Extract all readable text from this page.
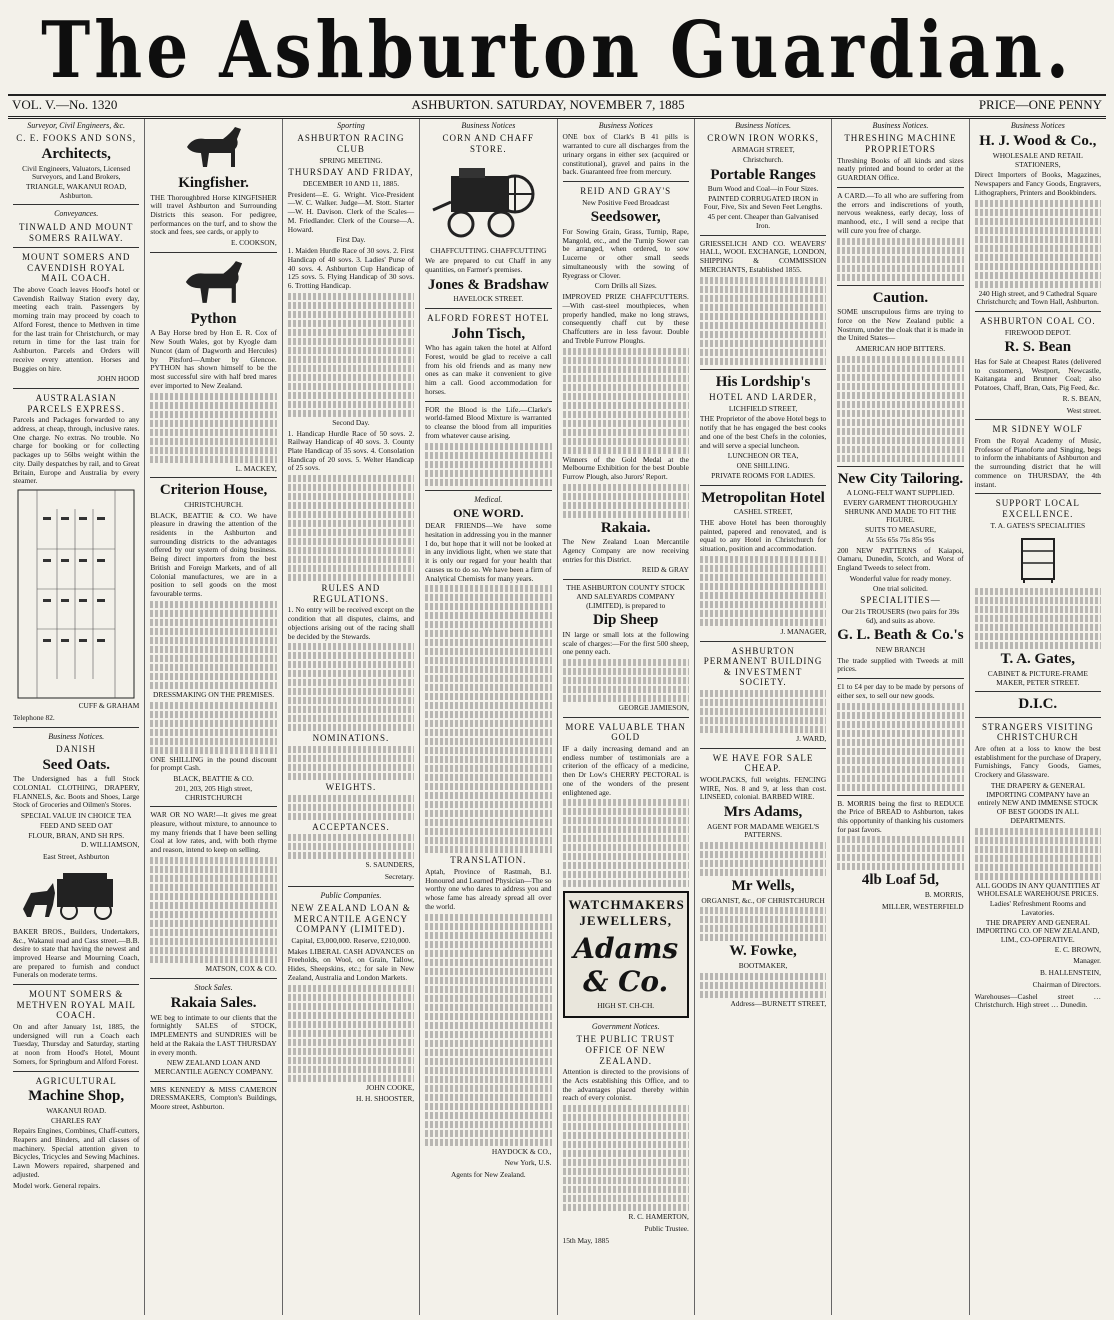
The Ashburton Guardian.
VOL. V.—No. 1320	ASHBURTON. SATURDAY, NOVEMBER 7, 1885	PRICE—ONE PENNY
Surveyor, Civil Engineers, &c.
C. E. FOOKS AND SONS,
Architects,
Civil Engineers, Valuators, Licensed Surveyors, and Land Brokers,
TRIANGLE, WAKANUI ROAD, Ashburton.
Conveyances.
TINWALD AND MOUNT SOMERS RAILWAY.
MOUNT SOMERS AND CAVENDISH ROYAL MAIL COACH.
The above Coach leaves Hood's hotel or Cavendish Railway Station every day, meeting each train. Passengers by morning train may proceed by coach to Alford Forest, thence to Methven in time for the last train for Christchurch, or may return in time for the last train for Ashburton. Parcels and Orders will receive every attention. Horses and Buggies on hire.
JOHN HOOD
AUSTRALASIAN PARCELS EXPRESS.
Parcels and Packages forwarded to any address, at cheap, through, inclusive rates. One charge. No extras. No trouble. No charge for booking or for collecting packages up to 56lbs weight within the city. Daily despatches by rail, and to Great Britain, Europe and Australia by every steamer.
CUFF & GRAHAM
Telephone 82.
Business Notices.
DANISH
Seed Oats.
The Undersigned has a full Stock COLONIAL CLOTHING, DRAPERY, FLANNELS, &c. Boots and Shoes, Large Stock of Groceries and Oilmen's Stores.
SPECIAL VALUE IN CHOICE TEA
FEED AND SEED OAT
FLOUR, BRAN, AND SH RPS.
D. WILLIAMSON,
East Street, Ashburton
BAKER BROS., Builders, Undertakers, &c., Wakanui road and Cass street.—B.B. desire to state that having the newest and improved Hearse and Mourning Coach, are prepared to furnish and conduct Funerals on moderate terms.
MOUNT SOMERS & METHVEN ROYAL MAIL COACH.
On and after January 1st, 1885, the undersigned will run a Coach each Tuesday, Thursday and Saturday, starting at noon from Hood's Hotel, Mount Somers, for Springburn and Alford Forest.
AGRICULTURAL
Machine Shop,
WAKANUI ROAD.
CHARLES RAY
Repairs Engines, Combines, Chaff-cutters, Reapers and Binders, and all classes of machinery. Special attention given to Bicycles, Tricycles and Sewing Machines. Lawn Mowers repaired, sharpened and adjusted.
Model work. General repairs.
Kingfisher.
THE Thoroughbred Horse KINGFISHER will travel Ashburton and Surrounding Districts this season. For pedigree, performances on the turf, and to show the stock and fees, see cards, or apply to
E. COOKSON,
Python
A Bay Horse bred by Hon E. R. Cox of New South Wales, got by Kyogle dam Nuncot (dam of Dagworth and Hercules) by Pitsford—Amber by Glencoe. PYTHON has shown himself to be the most successful sire with half bred mares ever imported to New Zealand.
L. MACKEY,
Criterion House,
CHRISTCHURCH.
BLACK, BEATTIE & CO. We have pleasure in drawing the attention of the residents in the Ashburton and surrounding districts to the advantages offered by our system of doing business. Being direct importers from the best British and Foreign Markets, and of all Colonial manufactures, we are in a position to sell goods on the most favourable terms.
DRESSMAKING ON THE PREMISES.
ONE SHILLING in the pound discount for prompt Cash.
BLACK, BEATTIE & CO.
201, 203, 205 High street, CHRISTCHURCH
WAR OR NO WAR!—It gives me great pleasure, without mixture, to announce to my many friends that I have been selling Coal at low rates, and, with both rhyme and reason, intend to keep on selling.
MATSON, COX & CO.
Stock Sales.
Rakaia Sales.
WE beg to intimate to our clients that the fortnightly SALES of STOCK, IMPLEMENTS and SUNDRIES will be held at the Rakaia the LAST THURSDAY in every month.
NEW ZEALAND LOAN AND MERCANTILE AGENCY COMPANY.
MRS KENNEDY & MISS CAMERON DRESSMAKERS, Compton's Buildings, Moore street, Ashburton.
Sporting
ASHBURTON RACING CLUB
SPRING MEETING.
THURSDAY AND FRIDAY,
DECEMBER 10 AND 11, 1885.
President—E. G. Wright. Vice-President—W. C. Walker. Judge—M. Stott. Starter—W. H. Davison. Clerk of the Scales—M. Friedlander. Clerk of the Course—A. Howard.
First Day.
1. Maiden Hurdle Race of 30 sovs. 2. First Handicap of 40 sovs. 3. Ladies' Purse of 40 sovs. 4. Ashburton Cup Handicap of 125 sovs. 5. Flying Handicap of 30 sovs. 6. Trotting Handicap.
Second Day.
1. Handicap Hurdle Race of 50 sovs. 2. Railway Handicap of 40 sovs. 3. County Plate Handicap of 35 sovs. 4. Consolation Handicap of 20 sovs. 5. Welter Handicap of 25 sovs.
RULES AND REGULATIONS.
1. No entry will be received except on the condition that all disputes, claims, and objections arising out of the racing shall be decided by the Stewards.
NOMINATIONS.
WEIGHTS.
ACCEPTANCES.
S. SAUNDERS,
Secretary.
Public Companies.
NEW ZEALAND LOAN & MERCANTILE AGENCY COMPANY (LIMITED).
Capital, £3,000,000. Reserve, £210,000.
Makes LIBERAL CASH ADVANCES on Freeholds, on Wool, on Grain, Tallow, Hides, Sheepskins, etc.; for sale in New Zealand, Australia and London Markets.
JOHN COOKE,
H. H. SHOOSTER,
Business Notices
CORN AND CHAFF STORE.
CHAFFCUTTING. CHAFFCUTTING
We are prepared to cut Chaff in any quantities, on Farmer's premises.
Jones & Bradshaw
HAVELOCK STREET.
ALFORD FOREST HOTEL
John Tisch,
Who has again taken the hotel at Alford Forest, would be glad to receive a call from his old friends and as many new ones as can make it convenient to give him a call. Good accommodation for horses.
FOR the Blood is the Life.—Clarke's world-famed Blood Mixture is warranted to cleanse the blood from all impurities from whatever cause arising.
Medical.
ONE WORD.
DEAR FRIENDS—We have some hesitation in addressing you in the manner I do, but hope that it will not be looked at in any invidious light, when we state that it is only our regard for your health that causes us to do so. We have been a firm of Analytical Chemists for many years.
TRANSLATION.
Aptah, Province of Rastmah, B.I. Honoured and Learned Physician—The so worthy one who dares to address you and whose fame has already spread all over the world.
HAYDOCK & CO.,
New York, U.S.
Agents for New Zealand.
Business Notices
ONE box of Clark's B 41 pills is warranted to cure all discharges from the urinary organs in either sex (acquired or constitutional), gravel and pains in the back. Guaranteed free from mercury.
REID AND GRAY'S
New Positive Feed Broadcast
Seedsower,
For Sowing Grain, Grass, Turnip, Rape, Mangold, etc., and the Turnip Sower can be arranged, when ordered, to sow Lucerne or other small seeds simultaneously with the sowing of Ryegrass or Clover.
Corn Drills all Sizes.
IMPROVED PRIZE CHAFFCUTTERS.—With cast-steel mouthpieces, when properly handled, make no long straws, consequently chaff cut by these Chaffcutters are in less favour. Double and Treble Furrow Ploughs.
Winners of the Gold Medal at the Melbourne Exhibition for the best Double Furrow Plough, also Jurors' Report.
Rakaia.
The New Zealand Loan Mercantile Agency Company are now receiving entries for this District.
REID & GRAY
THE ASHBURTON COUNTY STOCK AND SALEYARDS COMPANY (LIMITED), is prepared to
Dip Sheep
IN large or small lots at the following scale of charges:—For the first 500 sheep, one penny each.
GEORGE JAMIESON,
MORE VALUABLE THAN GOLD
IF a daily increasing demand and an endless number of testimonials are a criterion of the efficacy of a medicine, then Dr Low's CHERRY PECTORAL is one of the wonders of the present enlightened age.
WATCHMAKERS
JEWELLERS,
Adams & Co.
HIGH ST. CH-CH.
Government Notices.
THE PUBLIC TRUST OFFICE OF NEW ZEALAND.
Attention is directed to the provisions of the Acts establishing this Office, and to the advantages placed thereby within reach of every colonist.
R. C. HAMERTON,
Public Trustee.
15th May, 1885
Business Notices.
CROWN IRON WORKS,
ARMAGH STREET,
Christchurch.
Portable Ranges
Burn Wood and Coal—in Four Sizes.
PAINTED CORRUGATED IRON in Four, Five, Six and Seven Feet Lengths.
45 per cent. Cheaper than Galvanised Iron.
GRIESSELICH AND CO. WEAVERS' HALL, WOOL EXCHANGE, LONDON, SHIPPING & COMMISSION MERCHANTS, Established 1855.
His Lordship's
HOTEL AND LARDER,
LICHFIELD STREET,
THE Proprietor of the above Hotel begs to notify that he has engaged the best cooks and one of the best Chefs in the colonies, and will serve a special luncheon.
LUNCHEON OR TEA,
ONE SHILLING.
PRIVATE ROOMS FOR LADIES.
Metropolitan Hotel
CASHEL STREET,
THE above Hotel has been thoroughly painted, papered and renovated, and is equal to any Hotel in Christchurch for situation, position and accommodation.
J. MANAGER,
ASHBURTON PERMANENT BUILDING & INVESTMENT SOCIETY.
J. WARD,
WE HAVE FOR SALE CHEAP.
WOOLPACKS, full weights. FENCING WIRE, Nos. 8 and 9, at less than cost. LINSEED, colonial. BARBED WIRE.
Mrs Adams,
AGENT FOR MADAME WEIGEL'S PATTERNS.
Mr Wells,
ORGANIST, &c., OF CHRISTCHURCH
W. Fowke,
BOOTMAKER,
Address—BURNETT STREET,
Business Notices.
THRESHING MACHINE PROPRIETORS
Threshing Books of all kinds and sizes neatly printed and bound to order at the GUARDIAN Office.
A CARD.—To all who are suffering from the errors and indiscretions of youth, nervous weakness, early decay, loss of manhood, etc., I will send a recipe that will cure you free of charge.
Caution.
SOME unscrupulous firms are trying to force on the New Zealand public a Nostrum, under the cloak that it is made in the United States—
AMERICAN HOP BITTERS.
New City Tailoring.
A LONG-FELT WANT SUPPLIED.
EVERY GARMENT THOROUGHLY SHRUNK AND MADE TO FIT THE FIGURE.
SUITS TO MEASURE,
At 55s 65s 75s 85s 95s
200 NEW PATTERNS of Kaiapoi, Oamaru, Dunedin, Scotch, and Worst of England Tweeds to select from.
Wonderful value for ready money.
One trial solicited.
SPECIALITIES—
Our 21s TROUSERS (two pairs for 39s 6d), and suits as above.
G. L. Beath & Co.'s
NEW BRANCH
The trade supplied with Tweeds at mill prices.
£1 to £4 per day to be made by persons of either sex, to sell our new goods.
B. MORRIS being the first to REDUCE the Price of BREAD to Ashburton, takes this opportunity of thanking his customers for past favors.
4lb Loaf 5d,
B. MORRIS,
MILLER, WESTERFIELD
Business Notices
H. J. Wood & Co.,
WHOLESALE AND RETAIL STATIONERS,
Direct Importers of Books, Magazines, Newspapers and Fancy Goods, Engravers, Lithographers, Printers and Bookbinders.
240 High street, and 9 Cathedral Square Christchurch; and Town Hall, Ashburton.
ASHBURTON COAL CO.
FIREWOOD DEPOT.
R. S. Bean
Has for Sale at Cheapest Rates (delivered to customers), Westport, Newcastle, Kaitangata and Brunner Coal; also Potatoes, Chaff, Bran, Oats, Pig Feed, &c.
R. S. BEAN,
West street.
MR SIDNEY WOLF
From the Royal Academy of Music, Professor of Pianoforte and Singing, begs to inform the inhabitants of Ashburton and the surrounding district that he will commence on THURSDAY, the 4th instant.
SUPPORT LOCAL EXCELLENCE.
T. A. GATES'S SPECIALITIES
T. A. Gates,
CABINET & PICTURE-FRAME MAKER, PETER STREET.
D.I.C.
STRANGERS VISITING CHRISTCHURCH
Are often at a loss to know the best establishment for the purchase of Drapery, Furnishings, Fancy Goods, Games, Crockery and Glassware.
THE DRAPERY & GENERAL IMPORTING COMPANY have an entirely NEW AND IMMENSE STOCK OF BEST GOODS IN ALL DEPARTMENTS.
ALL GOODS IN ANY QUANTITIES AT WHOLESALE WAREHOUSE PRICES.
Ladies' Refreshment Rooms and Lavatories.
THE DRAPERY AND GENERAL IMPORTING CO. OF NEW ZEALAND, LIM., CO-OPERATIVE.
E. C. BROWN,
Manager.
B. HALLENSTEIN,
Chairman of Directors.
Warehouses—Cashel street … Christchurch. High street … Dunedin.
